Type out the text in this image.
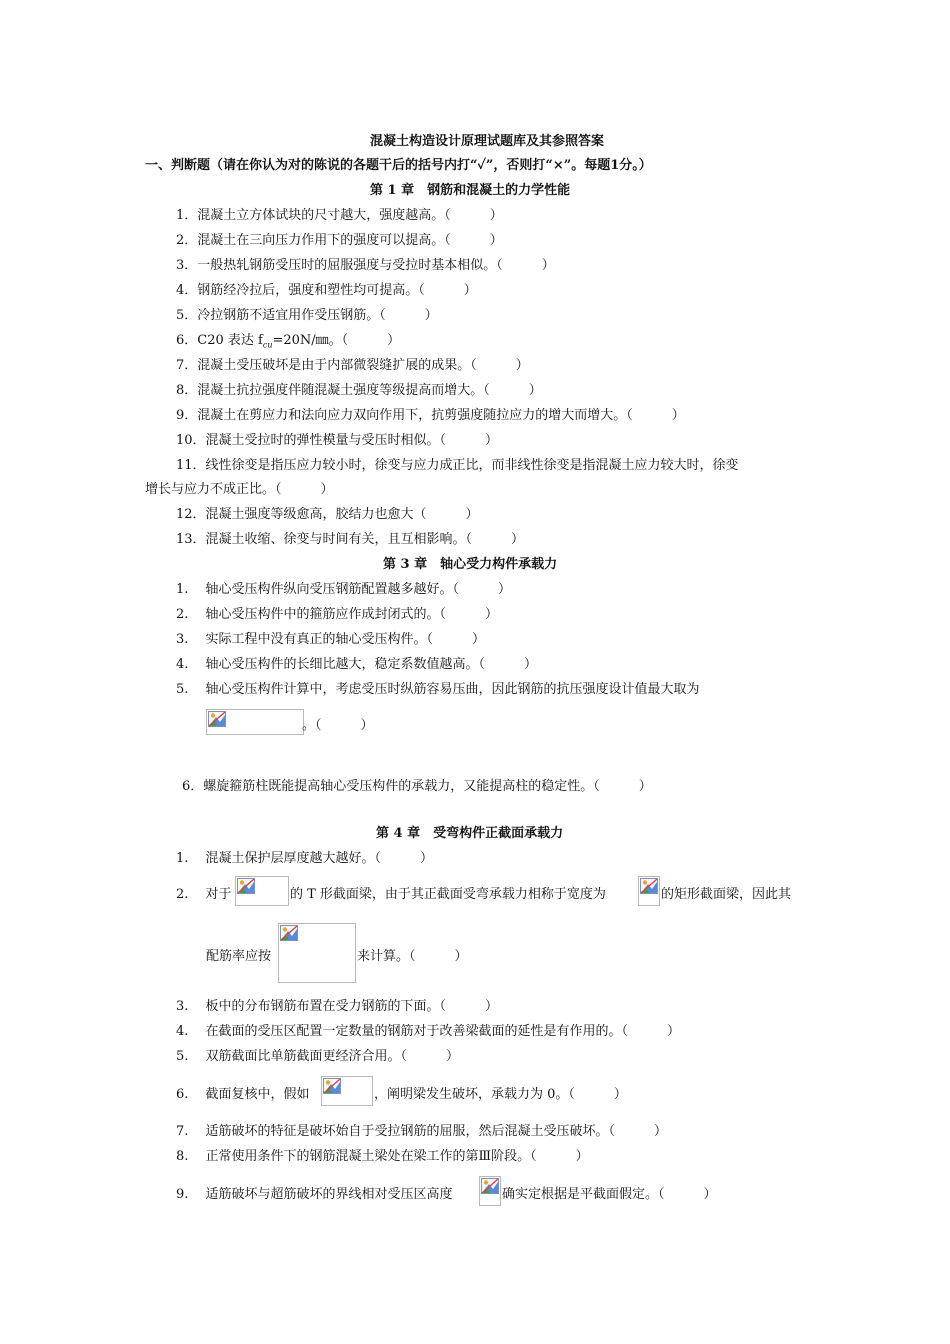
混凝土构造设计原理试题库及其参照答案
一、判断题（请在你认为对的陈说的各题干后的括号内打“✓”，否则打“×”。每题1分。）
第 1 章　钢筋和混凝土的力学性能
1．混凝土立方体试块的尺寸越大，强度越高。（　　　）
2．混凝土在三向压力作用下的强度可以提高。（　　　）
3．一般热轧钢筋受压时的屈服强度与受拉时基本相似。（　　　）
4．钢筋经冷拉后，强度和塑性均可提高。（　　　）
5．冷拉钢筋不适宜用作受压钢筋。（　　　）
6．C20 表达 $f_{cu}=20N/㎜$。（　　　）
7．混凝土受压破坏是由于内部微裂缝扩展的成果。（　　　）
8．混凝土抗拉强度伴随混凝土强度等级提高而增大。（　　　）
9．混凝土在剪应力和法向应力双向作用下，抗剪强度随拉应力的增大而增大。（　　　）
10．混凝土受拉时的弹性模量与受压时相似。（　　　）
11．线性徐变是指压应力较小时，徐变与应力成正比，而非线性徐变是指混凝土应力较大时，徐变
增长与应力不成正比。（　　　）
12．混凝土强度等级愈高，胶结力也愈大（　　　）
13．混凝土收缩、徐变与时间有关，且互相影响。（　　　）
第 3 章　轴心受力构件承载力
1.　 轴心受压构件纵向受压钢筋配置越多越好。（　　　）
2.　 轴心受压构件中的箍筋应作成封闭式的。（　　　）
3.　 实际工程中没有真正的轴心受压构件。（　　　）
4.　 轴心受压构件的长细比越大，稳定系数值越高。（　　　）
5.　 轴心受压构件计算中，考虑受压时纵筋容易压曲，因此钢筋的抗压强度设计值最大取为
。（　　　）
6．螺旋箍筋柱既能提高轴心受压构件的承载力，又能提高柱的稳定性。（　　　）
第 4 章　受弯构件正截面承载力
1.　 混凝土保护层厚度越大越好。（　　　）
2.　 对于	的 T 形截面梁，由于其正截面受弯承载力相称于宽度为	的矩形截面梁，因此其
配筋率应按	来计算。（　　　）
3.　 板中的分布钢筋布置在受力钢筋的下面。（　　　）
4.　 在截面的受压区配置一定数量的钢筋对于改善梁截面的延性是有作用的。（　　　）
5.　 双筋截面比单筋截面更经济合用。（　　　）
6.　 截面复核中，假如	，阐明梁发生破坏，承载力为 0。（　　　）
7.　 适筋破坏的特征是破坏始自于受拉钢筋的屈服，然后混凝土受压破坏。（　　　）
8.　 正常使用条件下的钢筋混凝土梁处在梁工作的第Ⅲ阶段。（　　　）
9.　 适筋破坏与超筋破坏的界线相对受压区高度	确实定根据是平截面假定。（　　　）
